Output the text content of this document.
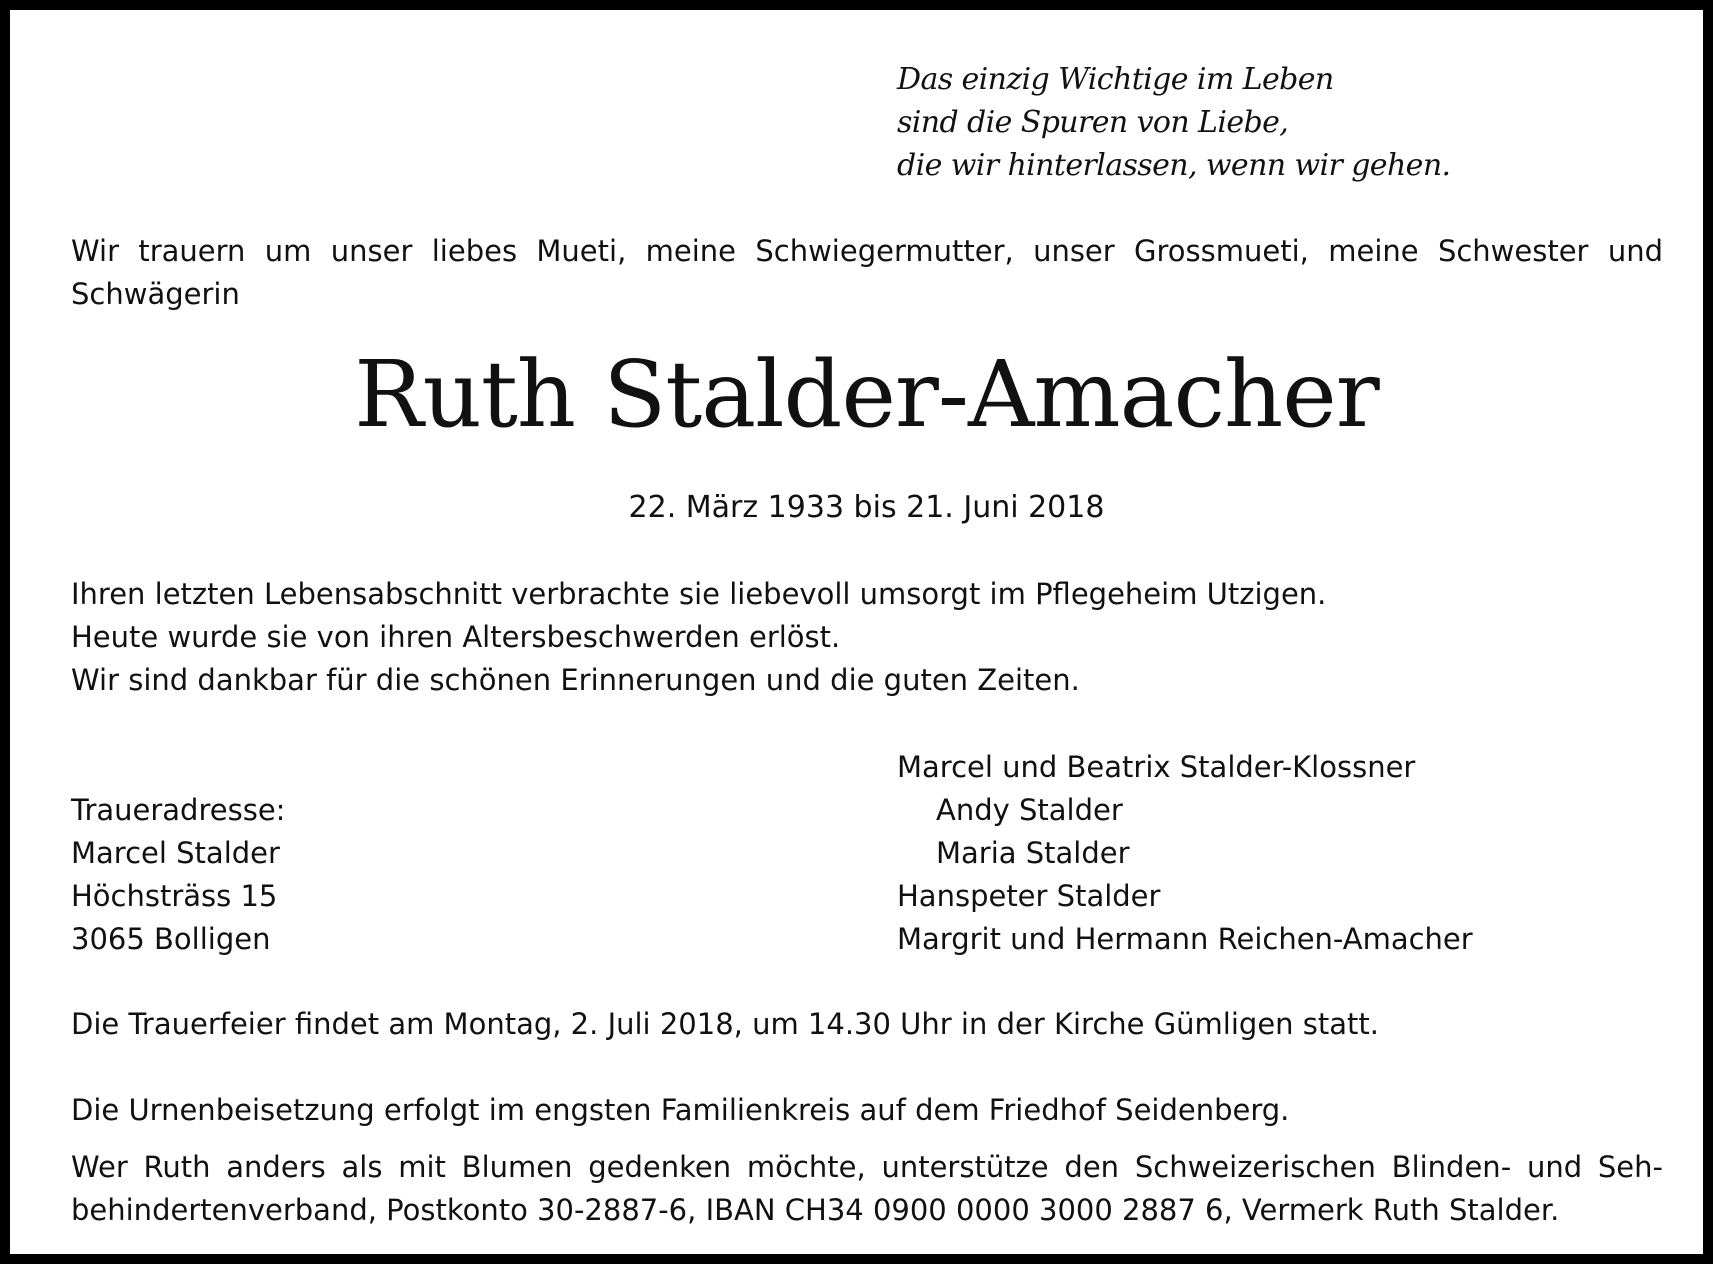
Das einzig Wichtige im Leben
sind die Spuren von Liebe,
die wir hinterlassen, wenn wir gehen.
Wir trauern um unser liebes Mueti, meine Schwiegermutter, unser Grossmueti, meine Schwester und Schwägerin
Ruth Stalder-Amacher
22. März 1933 bis 21. Juni 2018
Ihren letzten Lebensabschnitt verbrachte sie liebevoll umsorgt im Pflegeheim Utzigen.
Heute wurde sie von ihren Altersbeschwerden erlöst.
Wir sind dankbar für die schönen Erinnerungen und die guten Zeiten.
Traueradresse:
Marcel Stalder
Höchsträss 15
3065 Bolligen
Marcel und Beatrix Stalder-Klossner
Andy Stalder
Maria Stalder
Hanspeter Stalder
Margrit und Hermann Reichen-Amacher
Die Trauerfeier findet am Montag, 2. Juli 2018, um 14.30 Uhr in der Kirche Gümligen statt.
Die Urnenbeisetzung erfolgt im engsten Familienkreis auf dem Friedhof Seidenberg.
Wer Ruth anders als mit Blumen gedenken möchte, unterstütze den Schweizerischen Blinden- und Seh-
behindertenverband, Postkonto 30-2887-6, IBAN CH34 0900 0000 3000 2887 6, Vermerk Ruth Stalder.
